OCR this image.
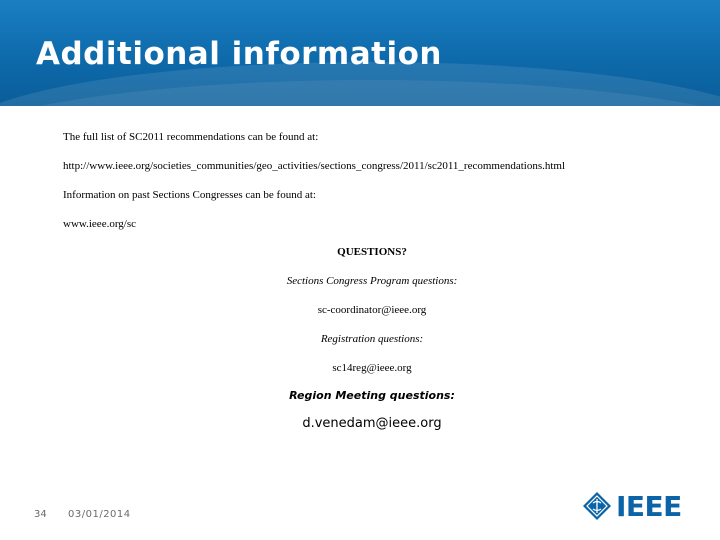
Additional information
The full list of SC2011 recommendations can be found at:
http://www.ieee.org/societies_communities/geo_activities/sections_congress/2011/sc2011_recommendations.html
Information on past Sections Congresses can be found at:
www.ieee.org/sc
QUESTIONS?
Sections Congress Program questions:
sc-coordinator@ieee.org
Registration questions:
sc14reg@ieee.org
Region Meeting questions:
d.venedam@ieee.org
34 03/01/2014	IEEE
